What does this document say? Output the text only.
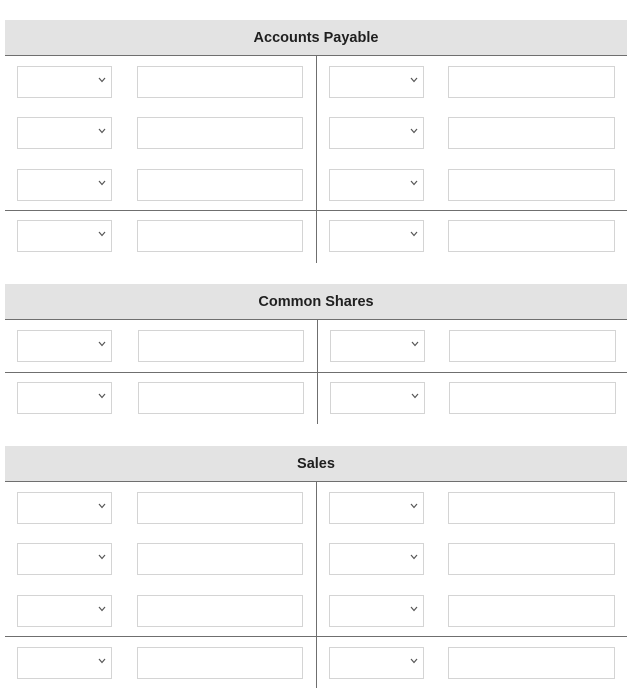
Accounts Payable
Common Shares
Sales
